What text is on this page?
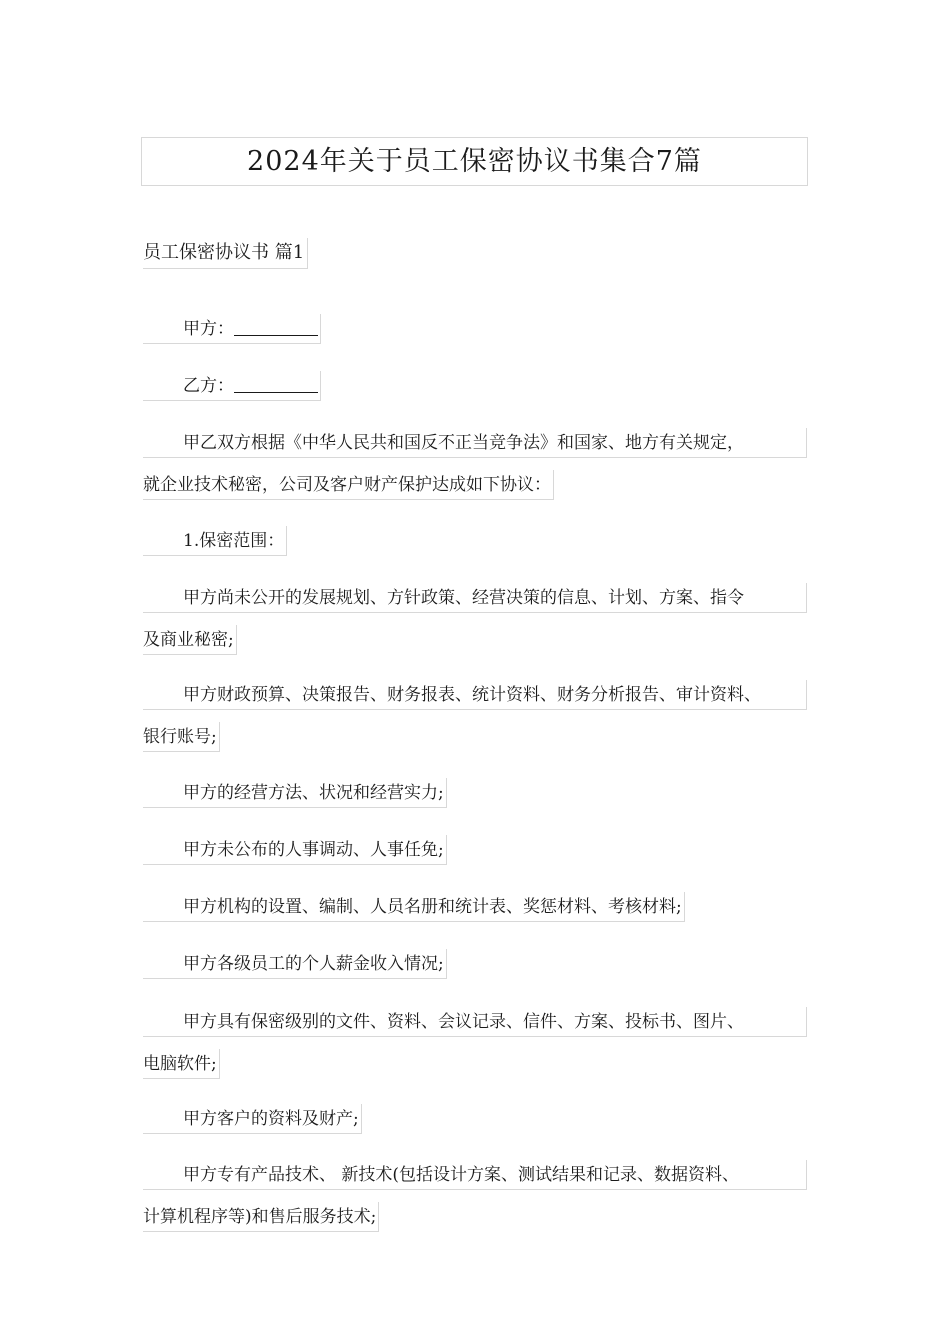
2024年关于员工保密协议书集合7篇
员工保密协议书 篇1
甲方：
乙方：
甲乙双方根据《中华人民共和国反不正当竞争法》和国家、地方有关规定，
就企业技术秘密，公司及客户财产保护达成如下协议：
1.保密范围：
甲方尚未公开的发展规划、方针政策、经营决策的信息、计划、方案、指令
及商业秘密;
甲方财政预算、决策报告、财务报表、统计资料、财务分析报告、审计资料、
银行账号;
甲方的经营方法、状况和经营实力;
甲方未公布的人事调动、人事任免;
甲方机构的设置、编制、人员名册和统计表、奖惩材料、考核材料;
甲方各级员工的个人薪金收入情况;
甲方具有保密级别的文件、资料、会议记录、信件、方案、投标书、图片、
电脑软件;
甲方客户的资料及财产;
甲方专有产品技术、 新技术(包括设计方案、测试结果和记录、数据资料、
计算机程序等)和售后服务技术;
